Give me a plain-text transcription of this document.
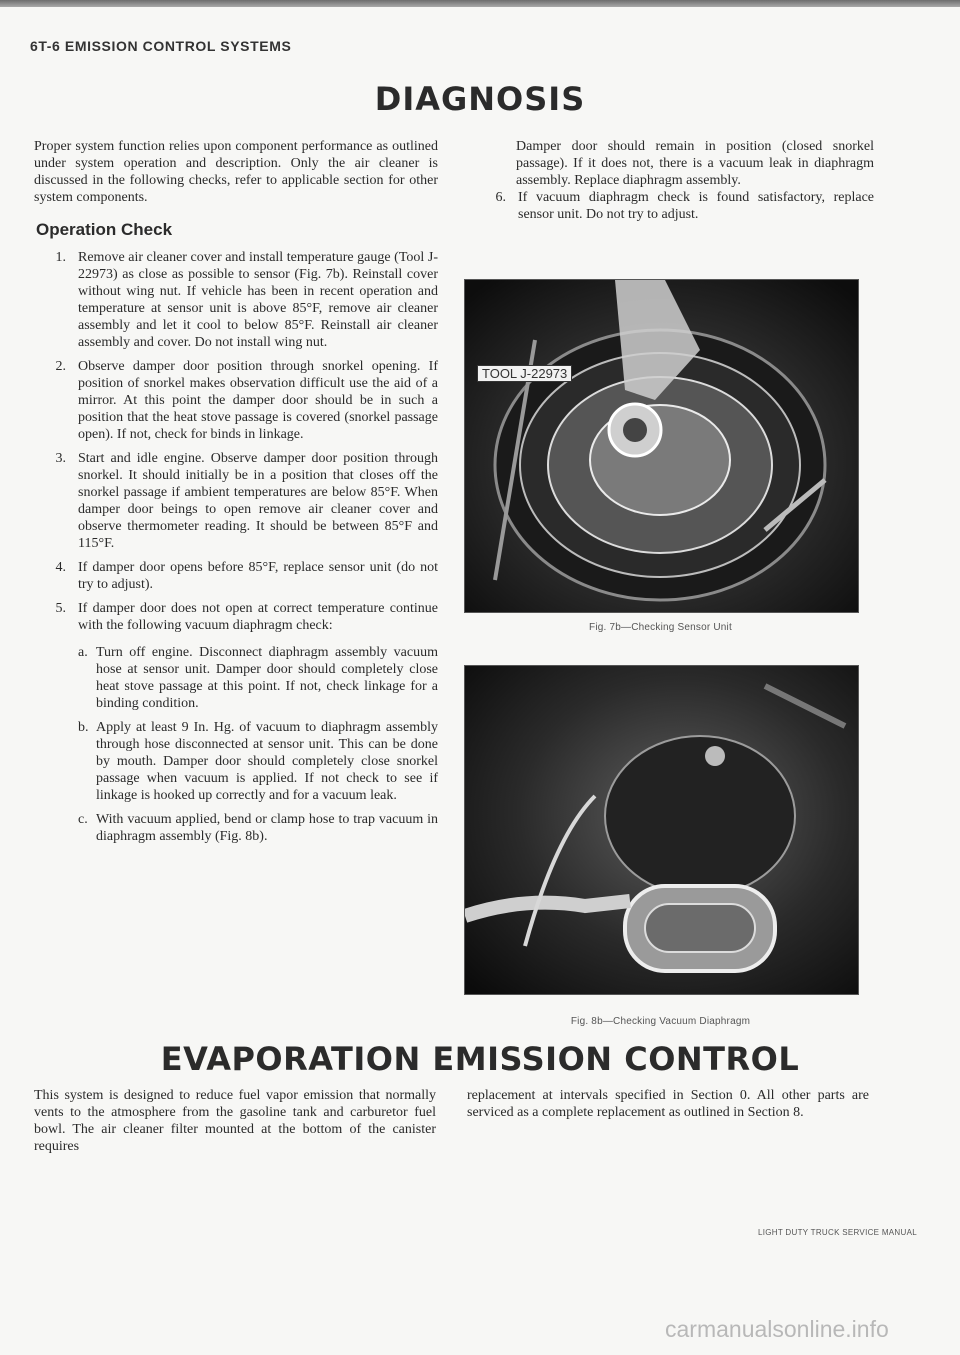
6T-6 EMISSION CONTROL SYSTEMS
DIAGNOSIS

Proper system function relies upon component performance as outlined under system operation and description. Only the air cleaner is discussed in the following checks, refer to applicable section for other system components.

Operation Check
1. Remove air cleaner cover and install temperature gauge (Tool J-22973) as close as possible to sensor (Fig. 7b). Reinstall cover without wing nut. If vehicle has been in recent operation and temperature at sensor unit is above 85°F, remove air cleaner assembly and let it cool to below 85°F. Reinstall air cleaner assembly and cover. Do not install wing nut.

2. Observe damper door position through snorkel opening. If position of snorkel makes observation difficult use the aid of a mirror. At this point the damper door should be in such a position that the heat stove passage is covered (snorkel passage open). If not, check for binds in linkage.

3. Start and idle engine. Observe damper door position through snorkel. It should initially be in a position that closes off the snorkel passage if ambient temperatures are below 85°F. When damper door beings to open remove air cleaner cover and observe thermometer reading. It should be between 85°F and 115°F.

4. If damper door opens before 85°F, replace sensor unit (do not try to adjust).

5. If damper door does not open at correct temperature continue with the following vacuum diaphragm check:

a. Turn off engine. Disconnect diaphragm assembly vacuum hose at sensor unit. Damper door should completely close heat stove passage at this point. If not, check linkage for a binding condition.

b. Apply at least 9 In. Hg. of vacuum to diaphragm assembly through hose disconnected at sensor unit. This can be done by mouth. Damper door should completely close snorkel passage when vacuum is applied. If not check to see if linkage is hooked up correctly and for a vacuum leak.

c. With vacuum applied, bend or clamp hose to trap vacuum in diaphragm assembly (Fig. 8b).

Damper door should remain in position (closed snorkel passage). If it does not, there is a vacuum leak in diaphragm assembly. Replace diaphragm assembly.

6. If vacuum diaphragm check is found satisfactory, replace sensor unit. Do not try to adjust.

TOOL J-22973
Fig. 7b—Checking Sensor Unit
Fig. 8b—Checking Vacuum Diaphragm
EVAPORATION EMISSION CONTROL

This system is designed to reduce fuel vapor emission that normally vents to the atmosphere from the gasoline tank and carburetor fuel bowl. The air cleaner filter mounted at the bottom of the canister requires

replacement at intervals specified in Section 0. All other parts are serviced as a complete replacement as outlined in Section 8.

LIGHT DUTY TRUCK SERVICE MANUAL
carmanualsonline.info
